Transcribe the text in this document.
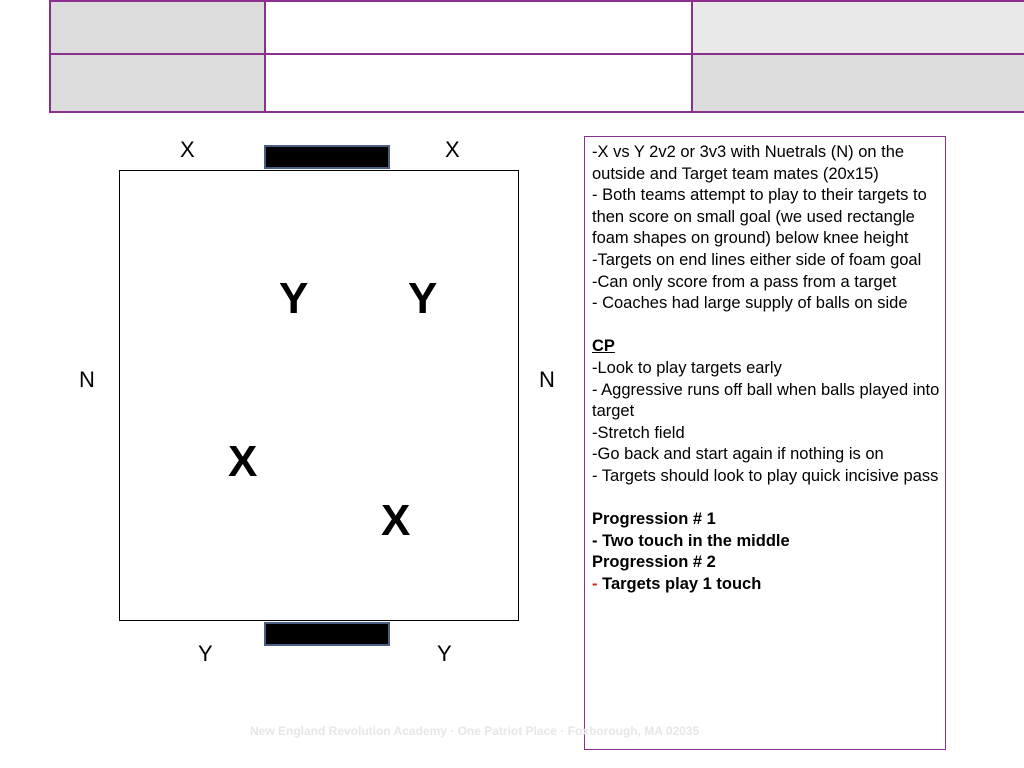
X	X
Y Y
X
X
N	N
Y	Y

-X vs Y 2v2 or 3v3 with Nuetrals (N) on the outside and Target team mates (20x15)

- Both teams attempt to play to their targets to then score on small goal (we used rectangle foam shapes on ground) below knee height

-Targets on end lines either side of foam goal

-Can only score from a pass from a target

- Coaches had large supply of balls on side

CP

-Look to play targets early

- Aggressive runs off ball when balls played into target

-Stretch field

-Go back and start again if nothing is on

- Targets should look to play quick incisive pass

Progression # 1

- Two touch in the middle

Progression # 2

- Targets play 1 touch

New England Revolution Academy · One Patriot Place · Foxborough, MA 02035
